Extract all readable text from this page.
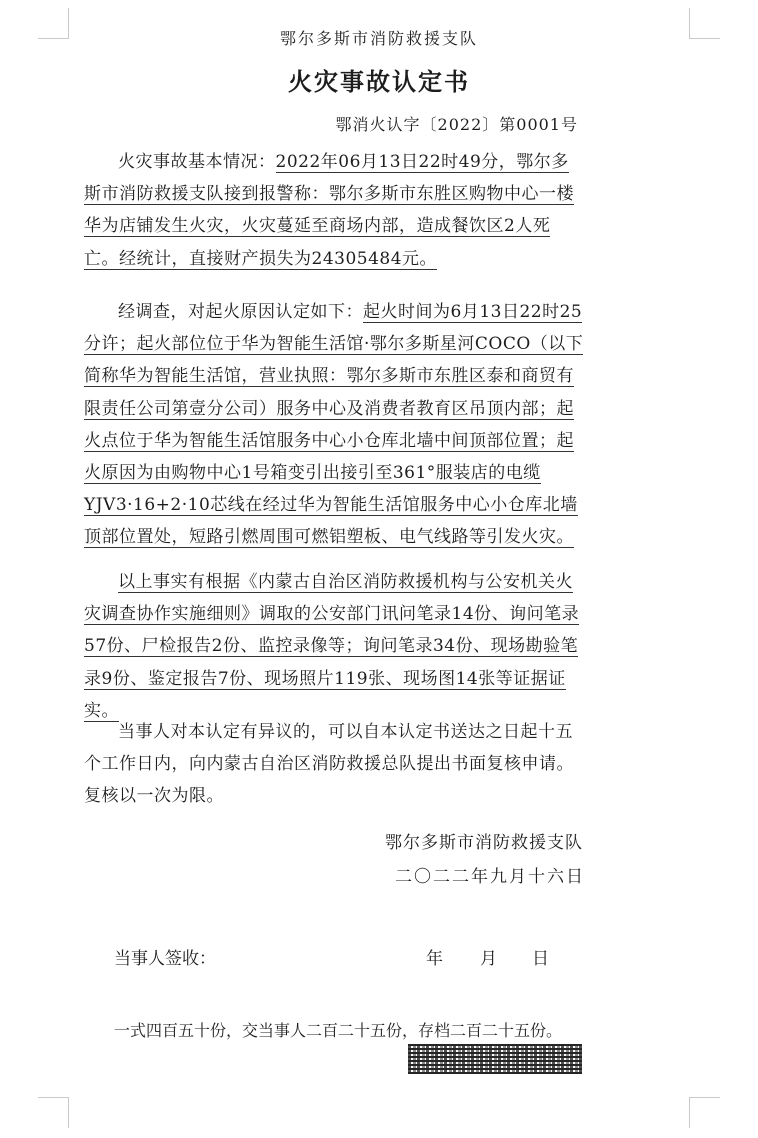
鄂尔多斯市消防救援支队
火灾事故认定书
鄂消火认字〔2022〕第0001号
火灾事故基本情况：2022年06月13日22时49分，鄂尔多斯市消防救援支队接到报警称：鄂尔多斯市东胜区购物中心一楼华为店铺发生火灾，火灾蔓延至商场内部，造成餐饮区2人死亡。经统计，直接财产损失为24305484元。
经调查，对起火原因认定如下：起火时间为6月13日22时25分许；起火部位位于华为智能生活馆·鄂尔多斯星河COCO（以下简称华为智能生活馆，营业执照：鄂尔多斯市东胜区泰和商贸有限责任公司第壹分公司）服务中心及消费者教育区吊顶内部；起火点位于华为智能生活馆服务中心小仓库北墙中间顶部位置；起火原因为由购物中心1号箱变引出接引至361°服装店的电缆YJV3·16+2·10芯线在经过华为智能生活馆服务中心小仓库北墙顶部位置处，短路引燃周围可燃铝塑板、电气线路等引发火灾。
以上事实有根据《内蒙古自治区消防救援机构与公安机关火灾调查协作实施细则》调取的公安部门讯问笔录14份、询问笔录57份、尸检报告2份、监控录像等；询问笔录34份、现场勘验笔录9份、鉴定报告7份、现场照片119张、现场图14张等证据证实。
当事人对本认定有异议的，可以自本认定书送达之日起十五个工作日内，向内蒙古自治区消防救援总队提出书面复核申请。复核以一次为限。
鄂尔多斯市消防救援支队
二〇二二年九月十六日
当事人签收：	年 月 日
一式四百五十份，交当事人二百二十五份，存档二百二十五份。
